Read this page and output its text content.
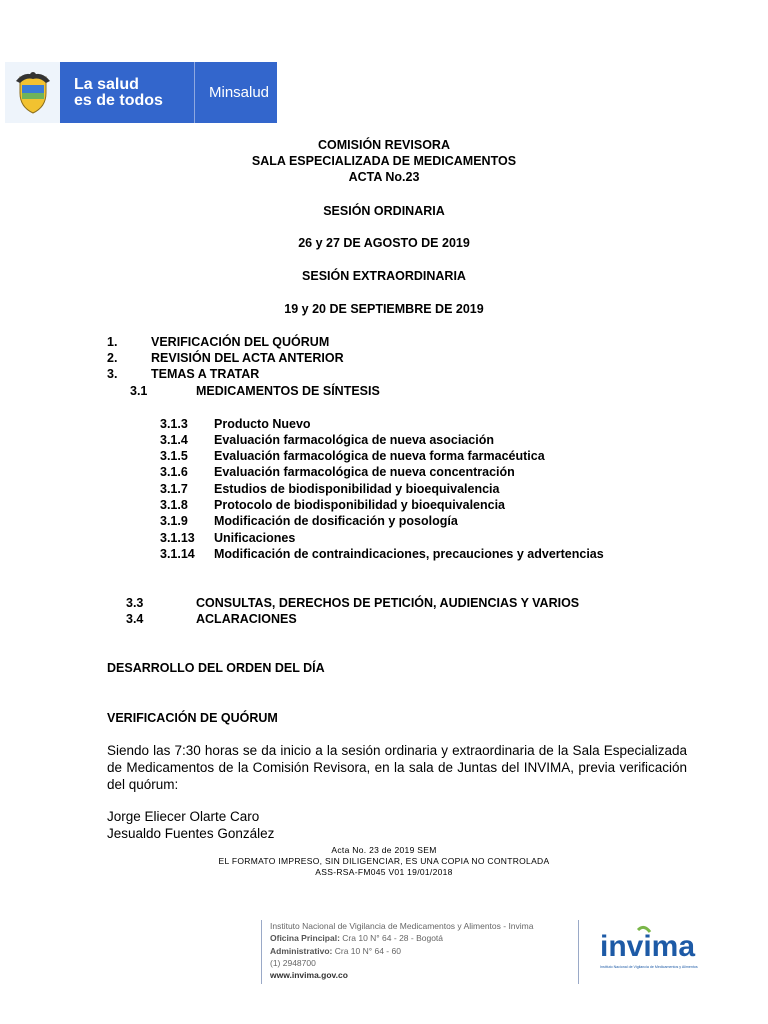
La salud
es de todos	Minsalud
COMISIÓN REVISORA
SALA ESPECIALIZADA DE MEDICAMENTOS
ACTA No.23
SESIÓN ORDINARIA
26 y 27 DE AGOSTO DE 2019
SESIÓN EXTRAORDINARIA
19 y 20 DE SEPTIEMBRE DE 2019
1.	VERIFICACIÓN DEL QUÓRUM
2.	REVISIÓN DEL ACTA ANTERIOR
3.	TEMAS A TRATAR
3.1	MEDICAMENTOS DE SÍNTESIS
3.1.3 Producto Nuevo
3.1.4 Evaluación farmacológica de nueva asociación
3.1.5 Evaluación farmacológica de nueva forma farmacéutica
3.1.6 Evaluación farmacológica de nueva concentración
3.1.7 Estudios de biodisponibilidad y bioequivalencia
3.1.8 Protocolo de biodisponibilidad y bioequivalencia
3.1.9 Modificación de dosificación y posología
3.1.13 Unificaciones
3.1.14 Modificación de contraindicaciones, precauciones y advertencias
3.3	CONSULTAS, DERECHOS DE PETICIÓN, AUDIENCIAS Y VARIOS
3.4	ACLARACIONES
DESARROLLO DEL ORDEN DEL DÍA
VERIFICACIÓN DE QUÓRUM
Siendo las 7:30 horas se da inicio a la sesión ordinaria y extraordinaria de la Sala Especializada de Medicamentos de la Comisión Revisora, en la sala de Juntas del INVIMA, previa verificación del quórum:
Jorge Eliecer Olarte Caro
Jesualdo Fuentes González
Acta No. 23 de 2019 SEM
EL FORMATO IMPRESO, SIN DILIGENCIAR, ES UNA COPIA NO CONTROLADA
ASS-RSA-FM045 V01 19/01/2018
Instituto Nacional de Vigilancia de Medicamentos y Alimentos - Invima
Oficina Principal: Cra 10 N° 64 - 28 - Bogotá
Administrativo: Cra 10 N° 64 - 60
(1) 2948700
www.invima.gov.co
invima
Instituto Nacional de Vigilancia de Medicamentos y Alimentos
